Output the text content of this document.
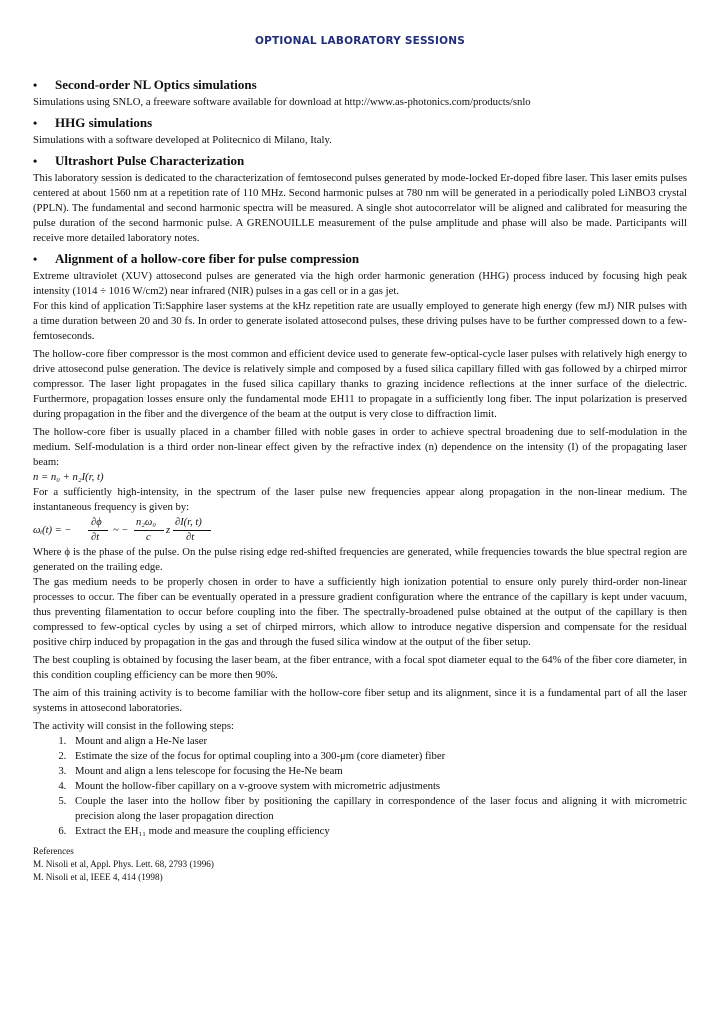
OPTIONAL LABORATORY SESSIONS
•	Second-order NL Optics simulations

Simulations using SNLO, a freeware software available for download at http://www.as-photonics.com/products/snlo

•	HHG simulations

Simulations with a software developed at Politecnico di Milano, Italy.

•	Ultrashort Pulse Characterization

This laboratory session is dedicated to the characterization of femtosecond pulses generated by mode-locked Er-doped fibre laser. This laser emits pulses centered at about 1560 nm at a repetition rate of 110 MHz. Second harmonic pulses at 780 nm will be generated in a periodically poled LiNBO3 crystal (PPLN). The fundamental and second harmonic spectra will be measured. A single shot autocorrelator will be aligned and calibrated for measuring the pulse duration of the second harmonic pulse. A GRENOUILLE measurement of the pulse amplitude and phase will also be made. Participants will receive more detailed laboratory notes.

•	Alignment of a hollow-core fiber for pulse compression

Extreme ultraviolet (XUV) attosecond pulses are generated via the high order harmonic generation (HHG) process induced by focusing high peak intensity (1014 ÷ 1016 W/cm2) near infrared (NIR) pulses in a gas cell or in a gas jet.

For this kind of application Ti:Sapphire laser systems at the kHz repetition rate are usually employed to generate high energy (few mJ) NIR pulses with a time duration between 20 and 30 fs. In order to generate isolated attosecond pulses, these driving pulses have to be further compressed down to a few-femtoseconds.

The hollow-core fiber compressor is the most common and efficient device used to generate few-optical-cycle laser pulses with relatively high energy to drive attosecond pulse generation. The device is relatively simple and composed by a fused silica capillary filled with gas followed by a chirped mirror compressor. The laser light propagates in the fused silica capillary thanks to grazing incidence reflections at the inner surface of the dielectric. Furthermore, propagation losses ensure only the fundamental mode EH11 to propagate in a sufficiently long fiber. The input polarization is preserved during propagation in the fiber and the divergence of the beam at the output is very close to diffraction limit.

The hollow-core fiber is usually placed in a chamber filled with noble gases in order to achieve spectral broadening due to self-modulation in the medium. Self-modulation is a third order non-linear effect given by the refractive index (n) dependence on the intensity (I) of the propagating laser beam:

n = n₀ + n₂I(r, t)

For a sufficiently high-intensity, in the spectrum of the laser pulse new frequencies appear along propagation in the non-linear medium. The instantaneous frequency is given by:

ωᵢ(t) = −
∂ϕ
∂t
~ −
n₂ω₀
c
z
∂I(r, t)
∂t

Where ϕ is the phase of the pulse. On the pulse rising edge red-shifted frequencies are generated, while frequencies towards the blue spectral region are generated on the trailing edge.

The gas medium needs to be properly chosen in order to have a sufficiently high ionization potential to ensure only purely third-order non-linear processes to occur. The fiber can be eventually operated in a pressure gradient configuration where the entrance of the capillary is kept under vacuum, thus preventing filamentation to occur before coupling into the fiber. The spectrally-broadened pulse obtained at the output of the capillary is then compressed to few-optical cycles by using a set of chirped mirrors, which allow to introduce negative dispersion and compensate for the residual positive chirp induced by propagation in the gas and through the fused silica window at the output of the fiber setup.

The best coupling is obtained by focusing the laser beam, at the fiber entrance, with a focal spot diameter equal to the 64% of the fiber core diameter, in this condition coupling efficiency can be more then 90%.

The aim of this training activity is to become familiar with the hollow-core fiber setup and its alignment, since it is a fundamental part of all the laser systems in attosecond laboratories.

The activity will consist in the following steps:

1. Mount and align a He-Ne laser
2. Estimate the size of the focus for optimal coupling into a 300-μm (core diameter) fiber
3. Mount and align a lens telescope for focusing the He-Ne beam
4. Mount the hollow-fiber capillary on a v-groove system with micrometric adjustments
5. Couple the laser into the hollow fiber by positioning the capillary in correspondence of the laser focus and aligning it with micrometric precision along the laser propagation direction
6. Extract the EH₁₁ mode and measure the coupling efficiency
References
M. Nisoli et al, Appl. Phys. Lett. 68, 2793 (1996)
M. Nisoli et al, IEEE 4, 414 (1998)
